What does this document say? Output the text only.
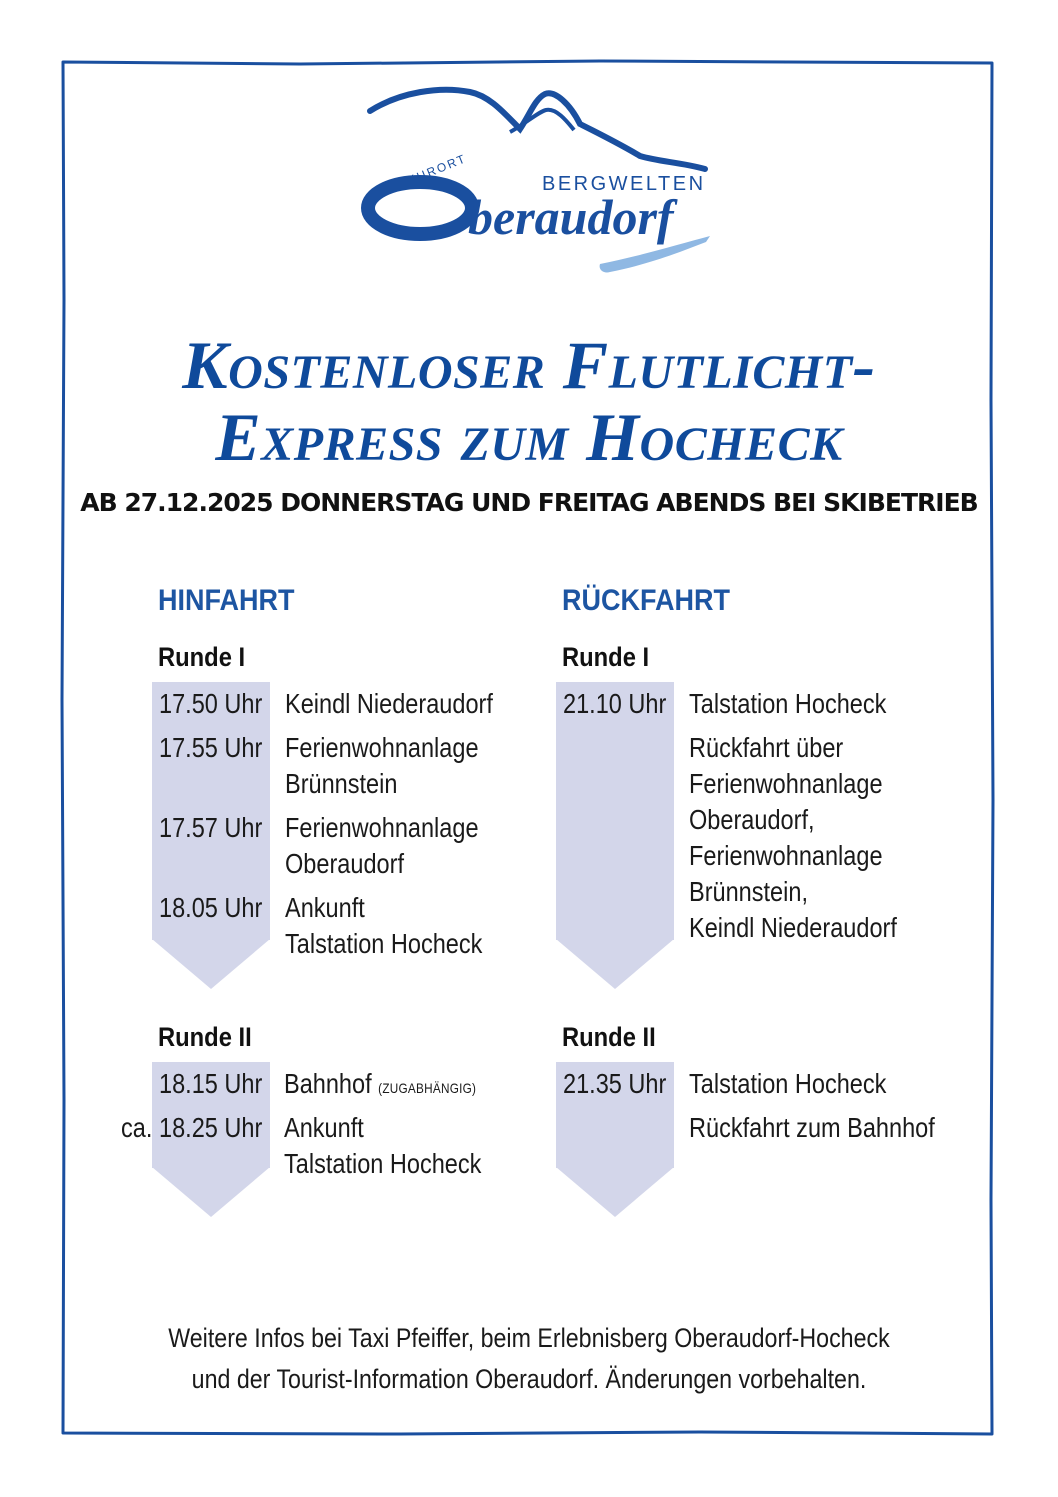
LUFTKURORT	BERGWELTEN
beraudorf
Kostenloser Flutlicht-
Express zum Hocheck
AB 27.12.2025 DONNERSTAG UND FREITAG ABENDS BEI SKIBETRIEB
HINFAHRT
Runde I
17.50 Uhr Keindl Niederaudorf
17.55 Uhr Ferienwohnanlage
Brünnstein
17.57 Uhr Ferienwohnanlage
Oberaudorf
18.05 Uhr Ankunft
Talstation Hocheck
Runde II
18.15 Uhr Bahnhof (ZUGABHÄNGIG)
ca. 18.25 Uhr Ankunft
Talstation Hocheck
RÜCKFAHRT
Runde I
21.10 Uhr Talstation Hocheck
Rückfahrt über
Ferienwohnanlage
Oberaudorf,
Ferienwohnanlage
Brünnstein,
Keindl Niederaudorf
Runde II
21.35 Uhr Talstation Hocheck
Rückfahrt zum Bahnhof
Weitere Infos bei Taxi Pfeiffer, beim Erlebnisberg Oberaudorf-Hocheck
und der Tourist-Information Oberaudorf. Änderungen vorbehalten.
